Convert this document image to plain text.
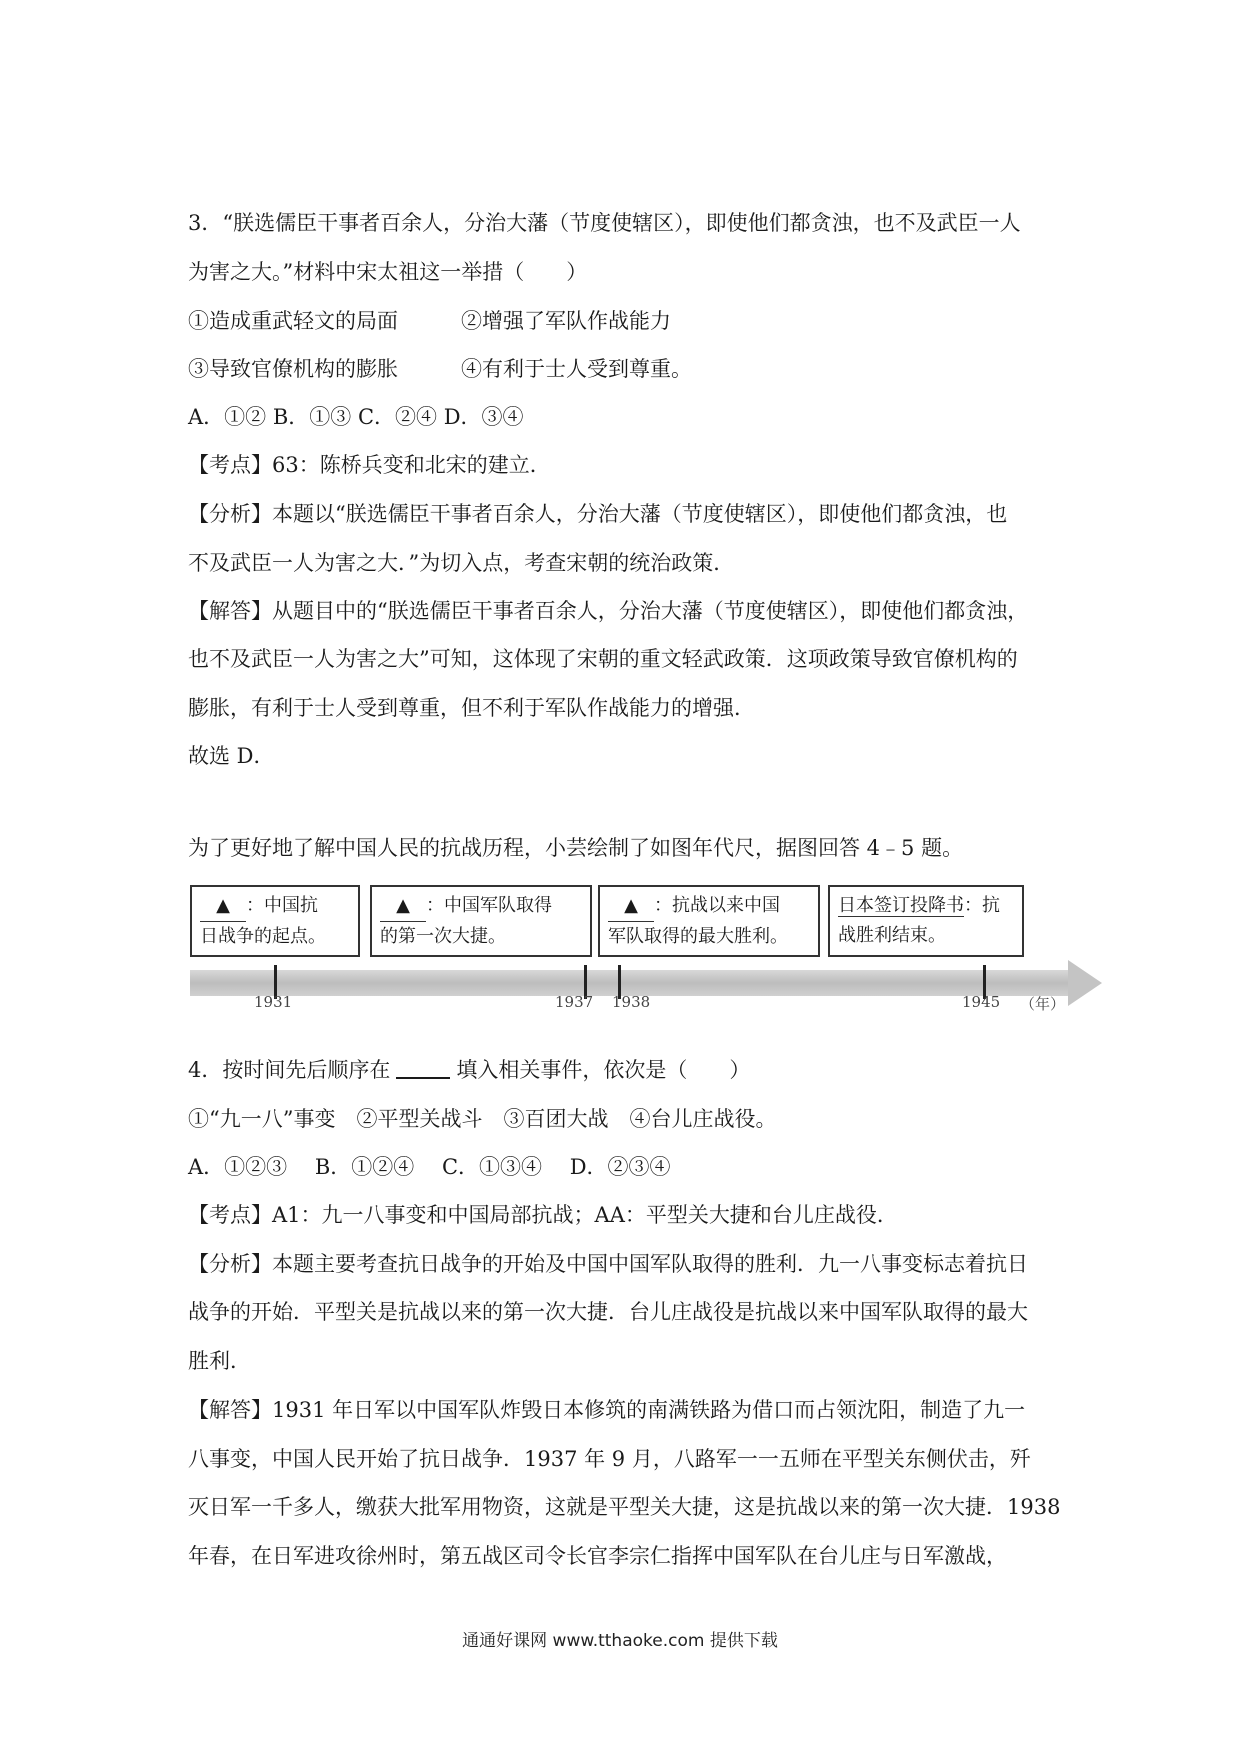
3．“朕选儒臣干事者百余人，分治大藩（节度使辖区），即使他们都贪浊，也不及武臣一人
为害之大。”材料中宋太祖这一举措（　　）
①造成重武轻文的局面　　　②增强了军队作战能力
③导致官僚机构的膨胀　　　④有利于士人受到尊重。
A．①② B．①③ C．②④ D．③④
【考点】63：陈桥兵变和北宋的建立．
【分析】本题以“朕选儒臣干事者百余人，分治大藩（节度使辖区），即使他们都贪浊，也
不及武臣一人为害之大．”为切入点，考查宋朝的统治政策．
【解答】从题目中的“朕选儒臣干事者百余人，分治大藩（节度使辖区），即使他们都贪浊，
也不及武臣一人为害之大”可知，这体现了宋朝的重文轻武政策．这项政策导致官僚机构的
膨胀，有利于士人受到尊重，但不利于军队作战能力的增强．
故选 D．
为了更好地了解中国人民的抗战历程，小芸绘制了如图年代尺，据图回答 4﹣5 题。
▲ ：中国抗
日战争的起点。
▲ ：中国军队取得
的第一次大捷。
▲ ：抗战以来中国
军队取得的最大胜利。
日本签订投降书：抗
战胜利结束。
1931	1937 1938	1945 （年）
4．按时间先后顺序在	填入相关事件，依次是（　　）
①“九一八”事变　②平型关战斗　③百团大战　④台儿庄战役。
A．①②③　 B．①②④　 C．①③④　 D．②③④
【考点】A1：九一八事变和中国局部抗战；AA：平型关大捷和台儿庄战役．
【分析】本题主要考查抗日战争的开始及中国中国军队取得的胜利．九一八事变标志着抗日
战争的开始．平型关是抗战以来的第一次大捷．台儿庄战役是抗战以来中国军队取得的最大
胜利．
【解答】1931 年日军以中国军队炸毁日本修筑的南满铁路为借口而占领沈阳，制造了九一
八事变，中国人民开始了抗日战争．1937 年 9 月，八路军一一五师在平型关东侧伏击，歼
灭日军一千多人，缴获大批军用物资，这就是平型关大捷，这是抗战以来的第一次大捷．1938
年春，在日军进攻徐州时，第五战区司令长官李宗仁指挥中国军队在台儿庄与日军激战，
通通好课网 www.tthaoke.com 提供下载
